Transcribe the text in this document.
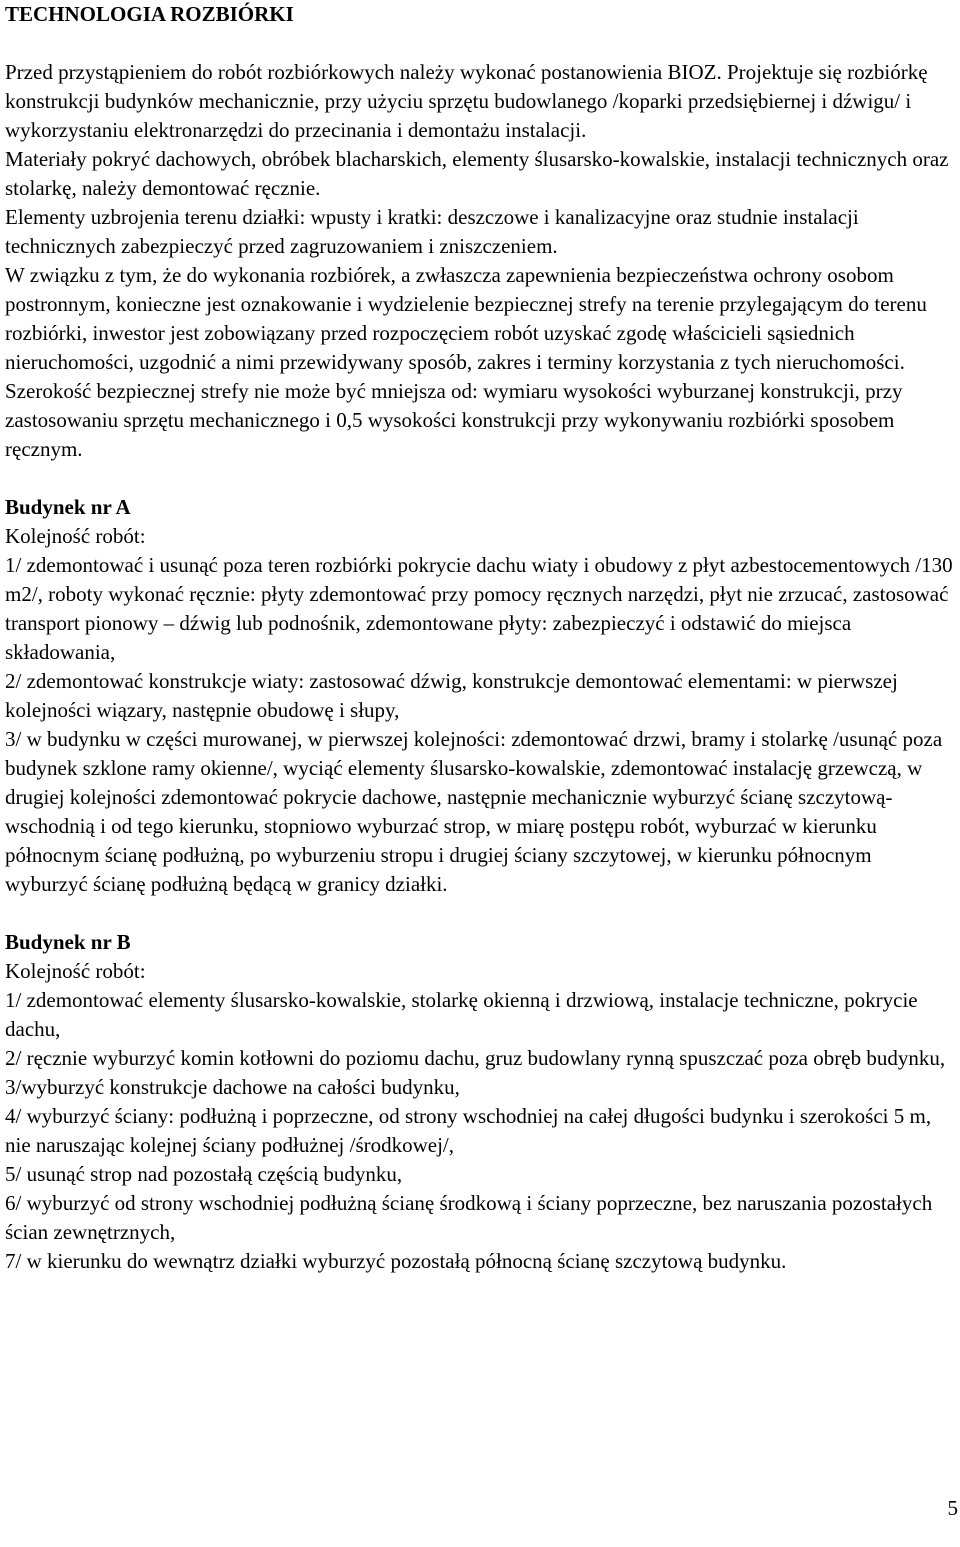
TECHNOLOGIA ROZBIÓRKI

Przed przystąpieniem do robót rozbiórkowych należy wykonać postanowienia BIOZ. Projektuje się rozbiórkę konstrukcji budynków mechanicznie, przy użyciu sprzętu budowlanego /koparki przedsiębiernej i dźwigu/ i wykorzystaniu elektronarzędzi do przecinania i demontażu instalacji.

Materiały pokryć dachowych, obróbek blacharskich, elementy ślusarsko-kowalskie, instalacji technicznych oraz stolarkę, należy demontować ręcznie.

Elementy uzbrojenia terenu działki: wpusty i kratki: deszczowe i kanalizacyjne oraz studnie instalacji technicznych zabezpieczyć przed zagruzowaniem i zniszczeniem.

W związku z tym, że do wykonania rozbiórek, a zwłaszcza zapewnienia bezpieczeństwa ochrony osobom postronnym, konieczne jest oznakowanie i wydzielenie bezpiecznej strefy na terenie przylegającym do terenu rozbiórki, inwestor jest zobowiązany przed rozpoczęciem robót uzyskać zgodę właścicieli sąsiednich nieruchomości, uzgodnić a nimi przewidywany sposób, zakres i terminy korzystania z tych nieruchomości. Szerokość bezpiecznej strefy nie może być mniejsza od: wymiaru wysokości wyburzanej konstrukcji, przy zastosowaniu sprzętu mechanicznego i 0,5 wysokości konstrukcji przy wykonywaniu rozbiórki sposobem ręcznym.

Budynek nr A

Kolejność robót:

1/ zdemontować i usunąć poza teren rozbiórki pokrycie dachu wiaty i obudowy z płyt azbestocementowych /130 m2/, roboty wykonać ręcznie: płyty zdemontować przy pomocy ręcznych narzędzi, płyt nie zrzucać, zastosować transport pionowy – dźwig lub podnośnik, zdemontowane płyty: zabezpieczyć i odstawić do miejsca składowania,

2/ zdemontować konstrukcje wiaty: zastosować dźwig, konstrukcje demontować elementami: w pierwszej kolejności wiązary, następnie obudowę i słupy,

3/ w budynku w części murowanej, w pierwszej kolejności: zdemontować drzwi, bramy i stolarkę /usunąć poza budynek szklone ramy okienne/, wyciąć elementy ślusarsko-kowalskie, zdemontować instalację grzewczą, w drugiej kolejności zdemontować pokrycie dachowe, następnie mechanicznie wyburzyć ścianę szczytową-wschodnią i od tego kierunku, stopniowo wyburzać strop, w miarę postępu robót, wyburzać w kierunku północnym ścianę podłużną, po wyburzeniu stropu i drugiej ściany szczytowej, w kierunku północnym wyburzyć ścianę podłużną będącą w granicy działki.

Budynek nr B

Kolejność robót:

1/ zdemontować elementy ślusarsko-kowalskie, stolarkę okienną i drzwiową, instalacje techniczne, pokrycie dachu,

2/ ręcznie wyburzyć komin kotłowni do poziomu dachu, gruz budowlany rynną spuszczać poza obręb budynku,

3/wyburzyć konstrukcje dachowe na całości budynku,

4/ wyburzyć ściany: podłużną i poprzeczne, od strony wschodniej na całej długości budynku i szerokości 5 m, nie naruszając kolejnej ściany podłużnej /środkowej/,

5/ usunąć strop nad pozostałą częścią budynku,

6/ wyburzyć od strony wschodniej podłużną ścianę środkową i ściany poprzeczne, bez naruszania pozostałych ścian zewnętrznych,

7/ w kierunku do wewnątrz działki wyburzyć pozostałą północną ścianę szczytową budynku.

5
